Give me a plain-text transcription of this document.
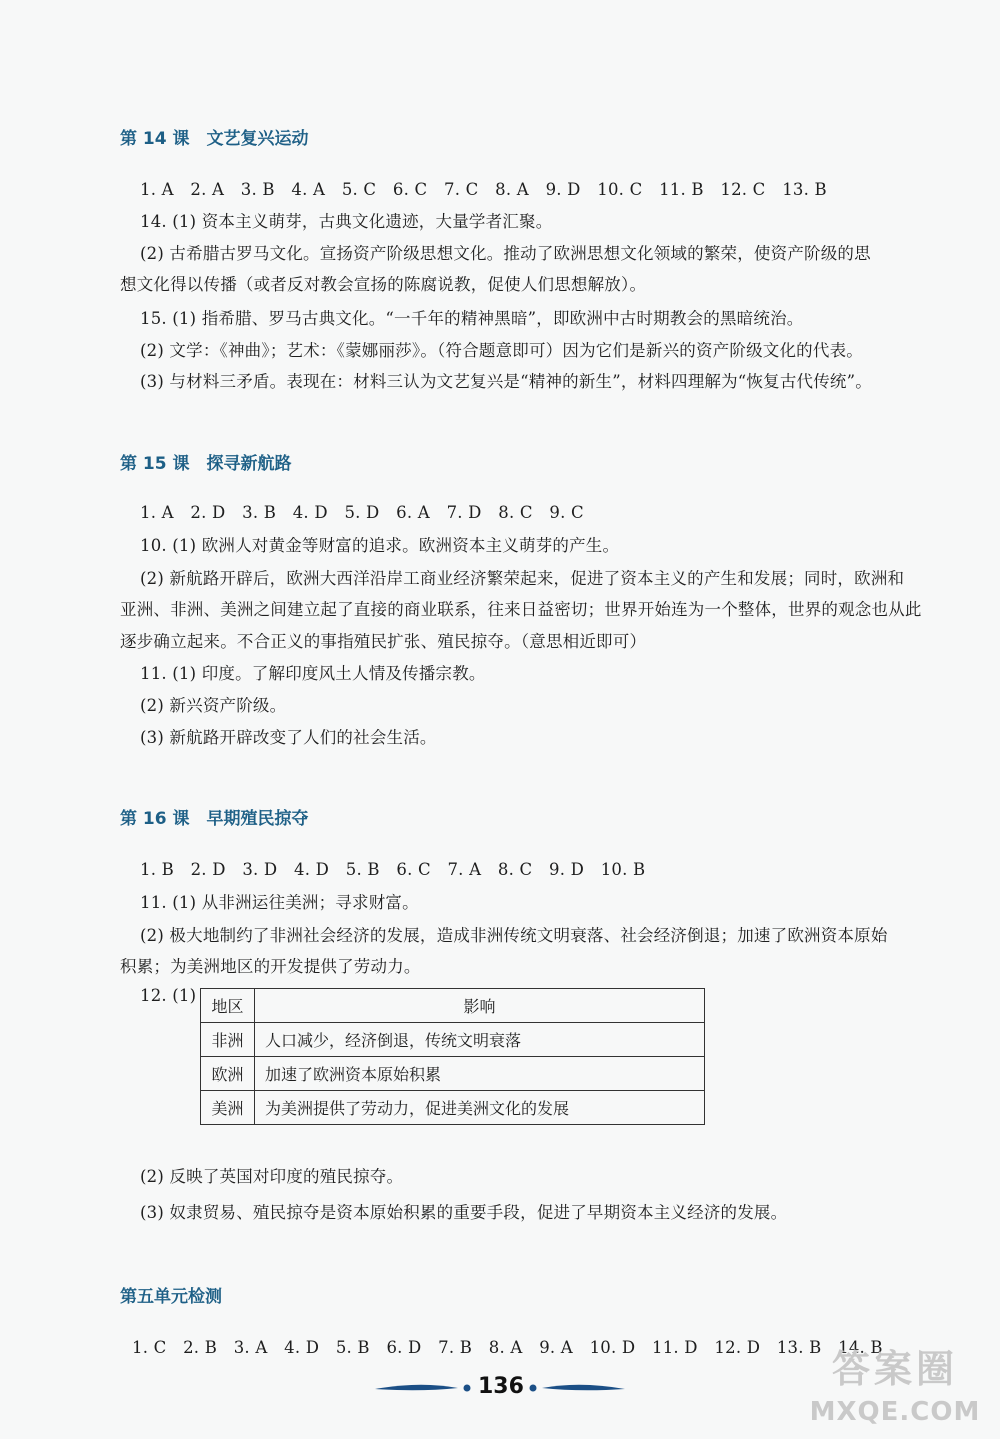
第 14 课　文艺复兴运动
1. A　2. A　3. B　4. A　5. C　6. C　7. C　8. A　9. D　10. C　11. B　12. C　13. B
14. (1) 资本主义萌芽，古典文化遗迹，大量学者汇聚。
(2) 古希腊古罗马文化。宣扬资产阶级思想文化。推动了欧洲思想文化领域的繁荣，使资产阶级的思
想文化得以传播（或者反对教会宣扬的陈腐说教，促使人们思想解放）。
15. (1) 指希腊、罗马古典文化。“一千年的精神黑暗”，即欧洲中古时期教会的黑暗统治。
(2) 文学：《神曲》；艺术：《蒙娜丽莎》。（符合题意即可）因为它们是新兴的资产阶级文化的代表。
(3) 与材料三矛盾。表现在：材料三认为文艺复兴是“精神的新生”，材料四理解为“恢复古代传统”。
第 15 课　探寻新航路
1. A　2. D　3. B　4. D　5. D　6. A　7. D　8. C　9. C
10. (1) 欧洲人对黄金等财富的追求。欧洲资本主义萌芽的产生。
(2) 新航路开辟后，欧洲大西洋沿岸工商业经济繁荣起来，促进了资本主义的产生和发展；同时，欧洲和
亚洲、非洲、美洲之间建立起了直接的商业联系，往来日益密切；世界开始连为一个整体，世界的观念也从此
逐步确立起来。不合正义的事指殖民扩张、殖民掠夺。（意思相近即可）
11. (1) 印度。了解印度风土人情及传播宗教。
(2) 新兴资产阶级。
(3) 新航路开辟改变了人们的社会生活。
第 16 课　早期殖民掠夺
1. B　2. D　3. D　4. D　5. B　6. C　7. A　8. C　9. D　10. B
11. (1) 从非洲运往美洲；寻求财富。
(2) 极大地制约了非洲社会经济的发展，造成非洲传统文明衰落、社会经济倒退；加速了欧洲资本原始
积累；为美洲地区的开发提供了劳动力。
12. (1)
地区	影响
非洲	人口减少，经济倒退，传统文明衰落
欧洲	加速了欧洲资本原始积累
美洲	为美洲提供了劳动力，促进美洲文化的发展
(2) 反映了英国对印度的殖民掠夺。
(3) 奴隶贸易、殖民掠夺是资本原始积累的重要手段，促进了早期资本主义经济的发展。
第五单元检测
1. C　2. B　3. A　4. D　5. B　6. D　7. B　8. A　9. A　10. D　11. D　12. D　13. B　14. B
136	答案圈
MXQE.COM
